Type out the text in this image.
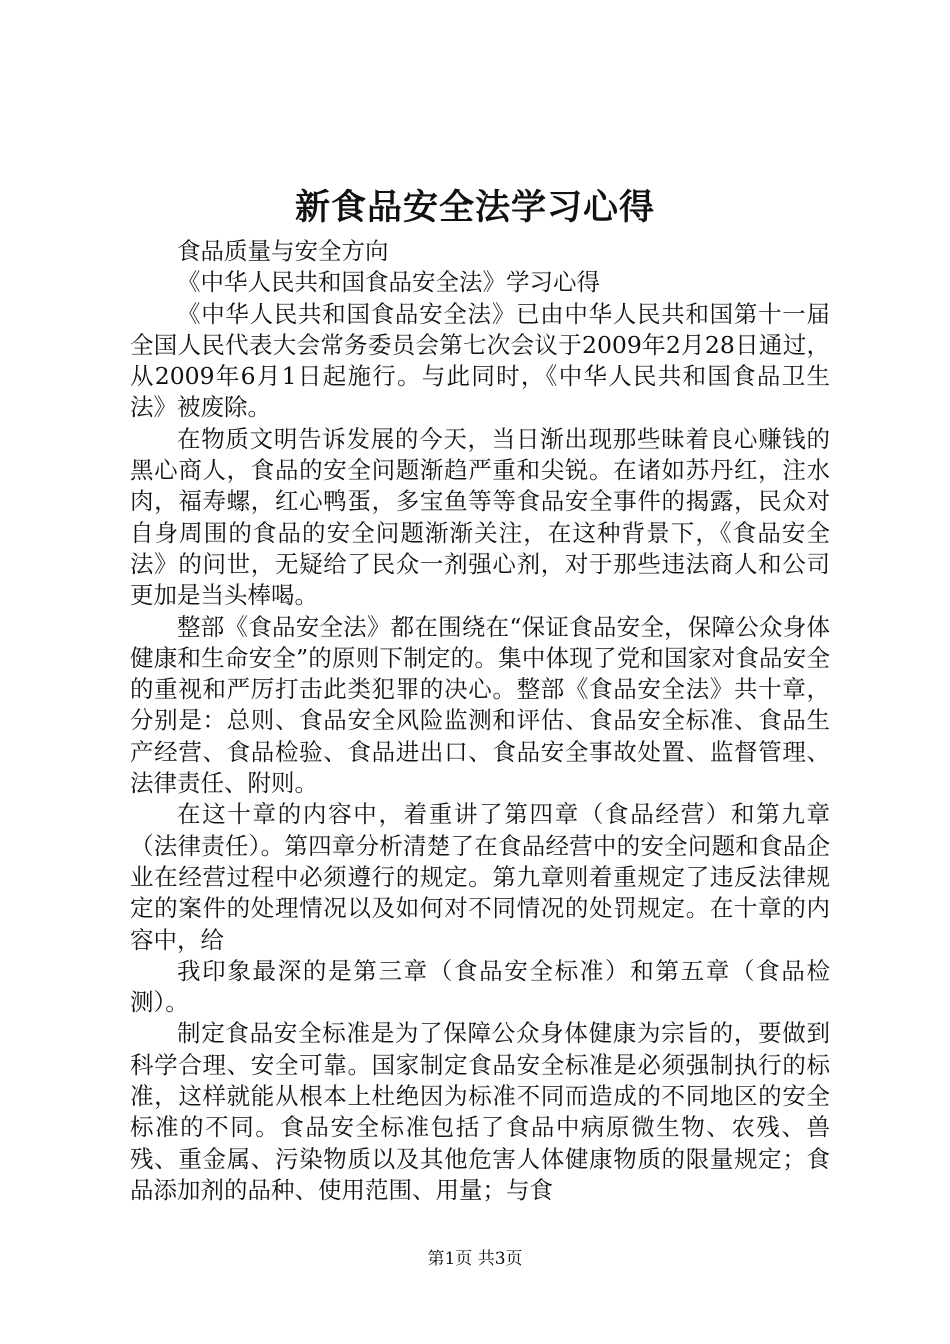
新食品安全法学习心得

食品质量与安全方向

《中华人民共和国食品安全法》学习心得

《中华人民共和国食品安全法》已由中华人民共和国第十一届全国人民代表大会常务委员会第七次会议于2009年2月28日通过，从2009年6月1日起施行。与此同时，《中华人民共和国食品卫生法》被废除。

在物质文明告诉发展的今天，当日渐出现那些昧着良心赚钱的黑心商人，食品的安全问题渐趋严重和尖锐。在诸如苏丹红，注水肉，福寿螺，红心鸭蛋，多宝鱼等等食品安全事件的揭露，民众对自身周围的食品的安全问题渐渐关注，在这种背景下，《食品安全法》的问世，无疑给了民众一剂强心剂，对于那些违法商人和公司更加是当头棒喝。

整部《食品安全法》都在围绕在“保证食品安全，保障公众身体健康和生命安全”的原则下制定的。集中体现了党和国家对食品安全的重视和严厉打击此类犯罪的决心。整部《食品安全法》共十章，分别是：总则、食品安全风险监测和评估、食品安全标准、食品生产经营、食品检验、食品进出口、食品安全事故处置、监督管理、法律责任、附则。

在这十章的内容中，着重讲了第四章（食品经营）和第九章（法律责任）。第四章分析清楚了在食品经营中的安全问题和食品企业在经营过程中必须遵行的规定。第九章则着重规定了违反法律规定的案件的处理情况以及如何对不同情况的处罚规定。在十章的内容中，给

我印象最深的是第三章（食品安全标准）和第五章（食品检测）。

制定食品安全标准是为了保障公众身体健康为宗旨的，要做到科学合理、安全可靠。国家制定食品安全标准是必须强制执行的标准，这样就能从根本上杜绝因为标准不同而造成的不同地区的安全标准的不同。食品安全标准包括了食品中病原微生物、农残、兽残、重金属、污染物质以及其他危害人体健康物质的限量规定；食品添加剂的品种、使用范围、用量；与食

第1页 共3页
